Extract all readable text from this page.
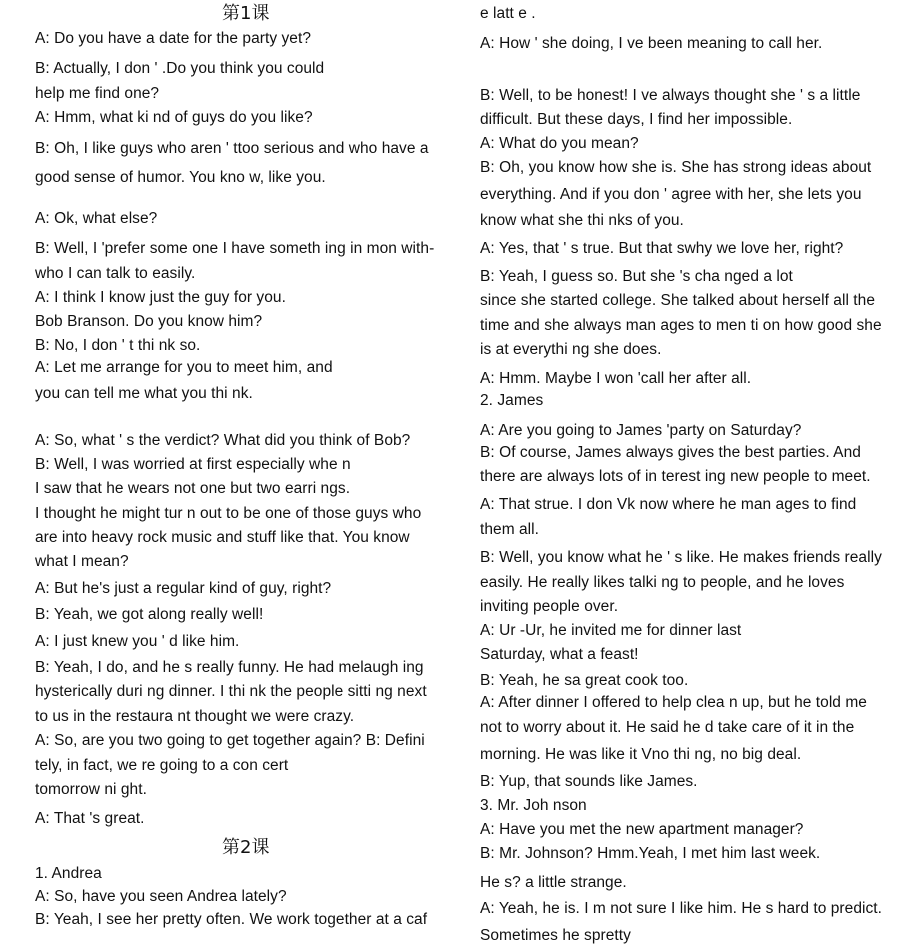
第1课
A: Do you have a date for the party yet?
B: Actually, I don ' .Do you think you could
help me find one?
A: Hmm, what ki nd of guys do you like?
B: Oh, I like guys who aren ' ttoo serious and who have a
good sense of humor. You kno w, like you.
A: Ok, what else?
B: Well, I 'prefer some one I have someth ing in mon with-
who I can talk to easily.
A: I think I know just the guy for you.
Bob Branson. Do you know him?
B: No, I don ' t thi nk so.
A: Let me arrange for you to meet him, and
you can tell me what you thi nk.
A: So, what ' s the verdict? What did you think of Bob?
B: Well, I was worried at first especially whe n
I saw that he wears not one but two earri ngs.
I thought he might tur n out to be one of those guys who
are into heavy rock music and stuff like that. You know
what I mean?
A: But he's just a regular kind of guy, right?
B: Yeah, we got along really well!
A: I just knew you ' d like him.
B: Yeah, I do, and he s really funny. He had melaugh ing
hysterically duri ng dinner. I thi nk the people sitti ng next
to us in the restaura nt thought we were crazy.
A: So, are you two going to get together again? B: Defini
tely, in fact, we re going to a con cert
tomorrow ni ght.
A: That 's great.
第2课
1. Andrea
A: So, have you seen Andrea lately?
B: Yeah, I see her pretty often. We work together at a caf
e latt e .
A: How ' she doing, I ve been meaning to call her.
B: Well, to be honest! I ve always thought she ' s a little
difficult. But these days, I find her impossible.
A: What do you mean?
B: Oh, you know how she is. She has strong ideas about
everything. And if you don ' agree with her, she lets you
know what she thi nks of you.
A: Yes, that ' s true. But that swhy we love her, right?
B: Yeah, I guess so. But she 's cha nged a lot
since she started college. She talked about herself all the
time and she always man ages to men ti on how good she
is at everythi ng she does.
A: Hmm. Maybe I won 'call her after all.
2. James
A: Are you going to James 'party on Saturday?
B: Of course, James always gives the best parties. And
there are always lots of in terest ing new people to meet.
A: That strue. I don Vk now where he man ages to find
them all.
B: Well, you know what he ' s like. He makes friends really
easily. He really likes talki ng to people, and he loves
inviting people over.
A: Ur -Ur, he invited me for dinner last
Saturday, what a feast!
B: Yeah, he sa great cook too.
A: After dinner I offered to help clea n up, but he told me
not to worry about it. He said he d take care of it in the
morning. He was like it Vno thi ng, no big deal.
B: Yup, that sounds like James.
3. Mr. Joh nson
A: Have you met the new apartment manager?
B: Mr. Johnson? Hmm.Yeah, I met him last week.
He s? a little strange.
A: Yeah, he is. I m not sure I like him. He s hard to predict.
Sometimes he spretty
